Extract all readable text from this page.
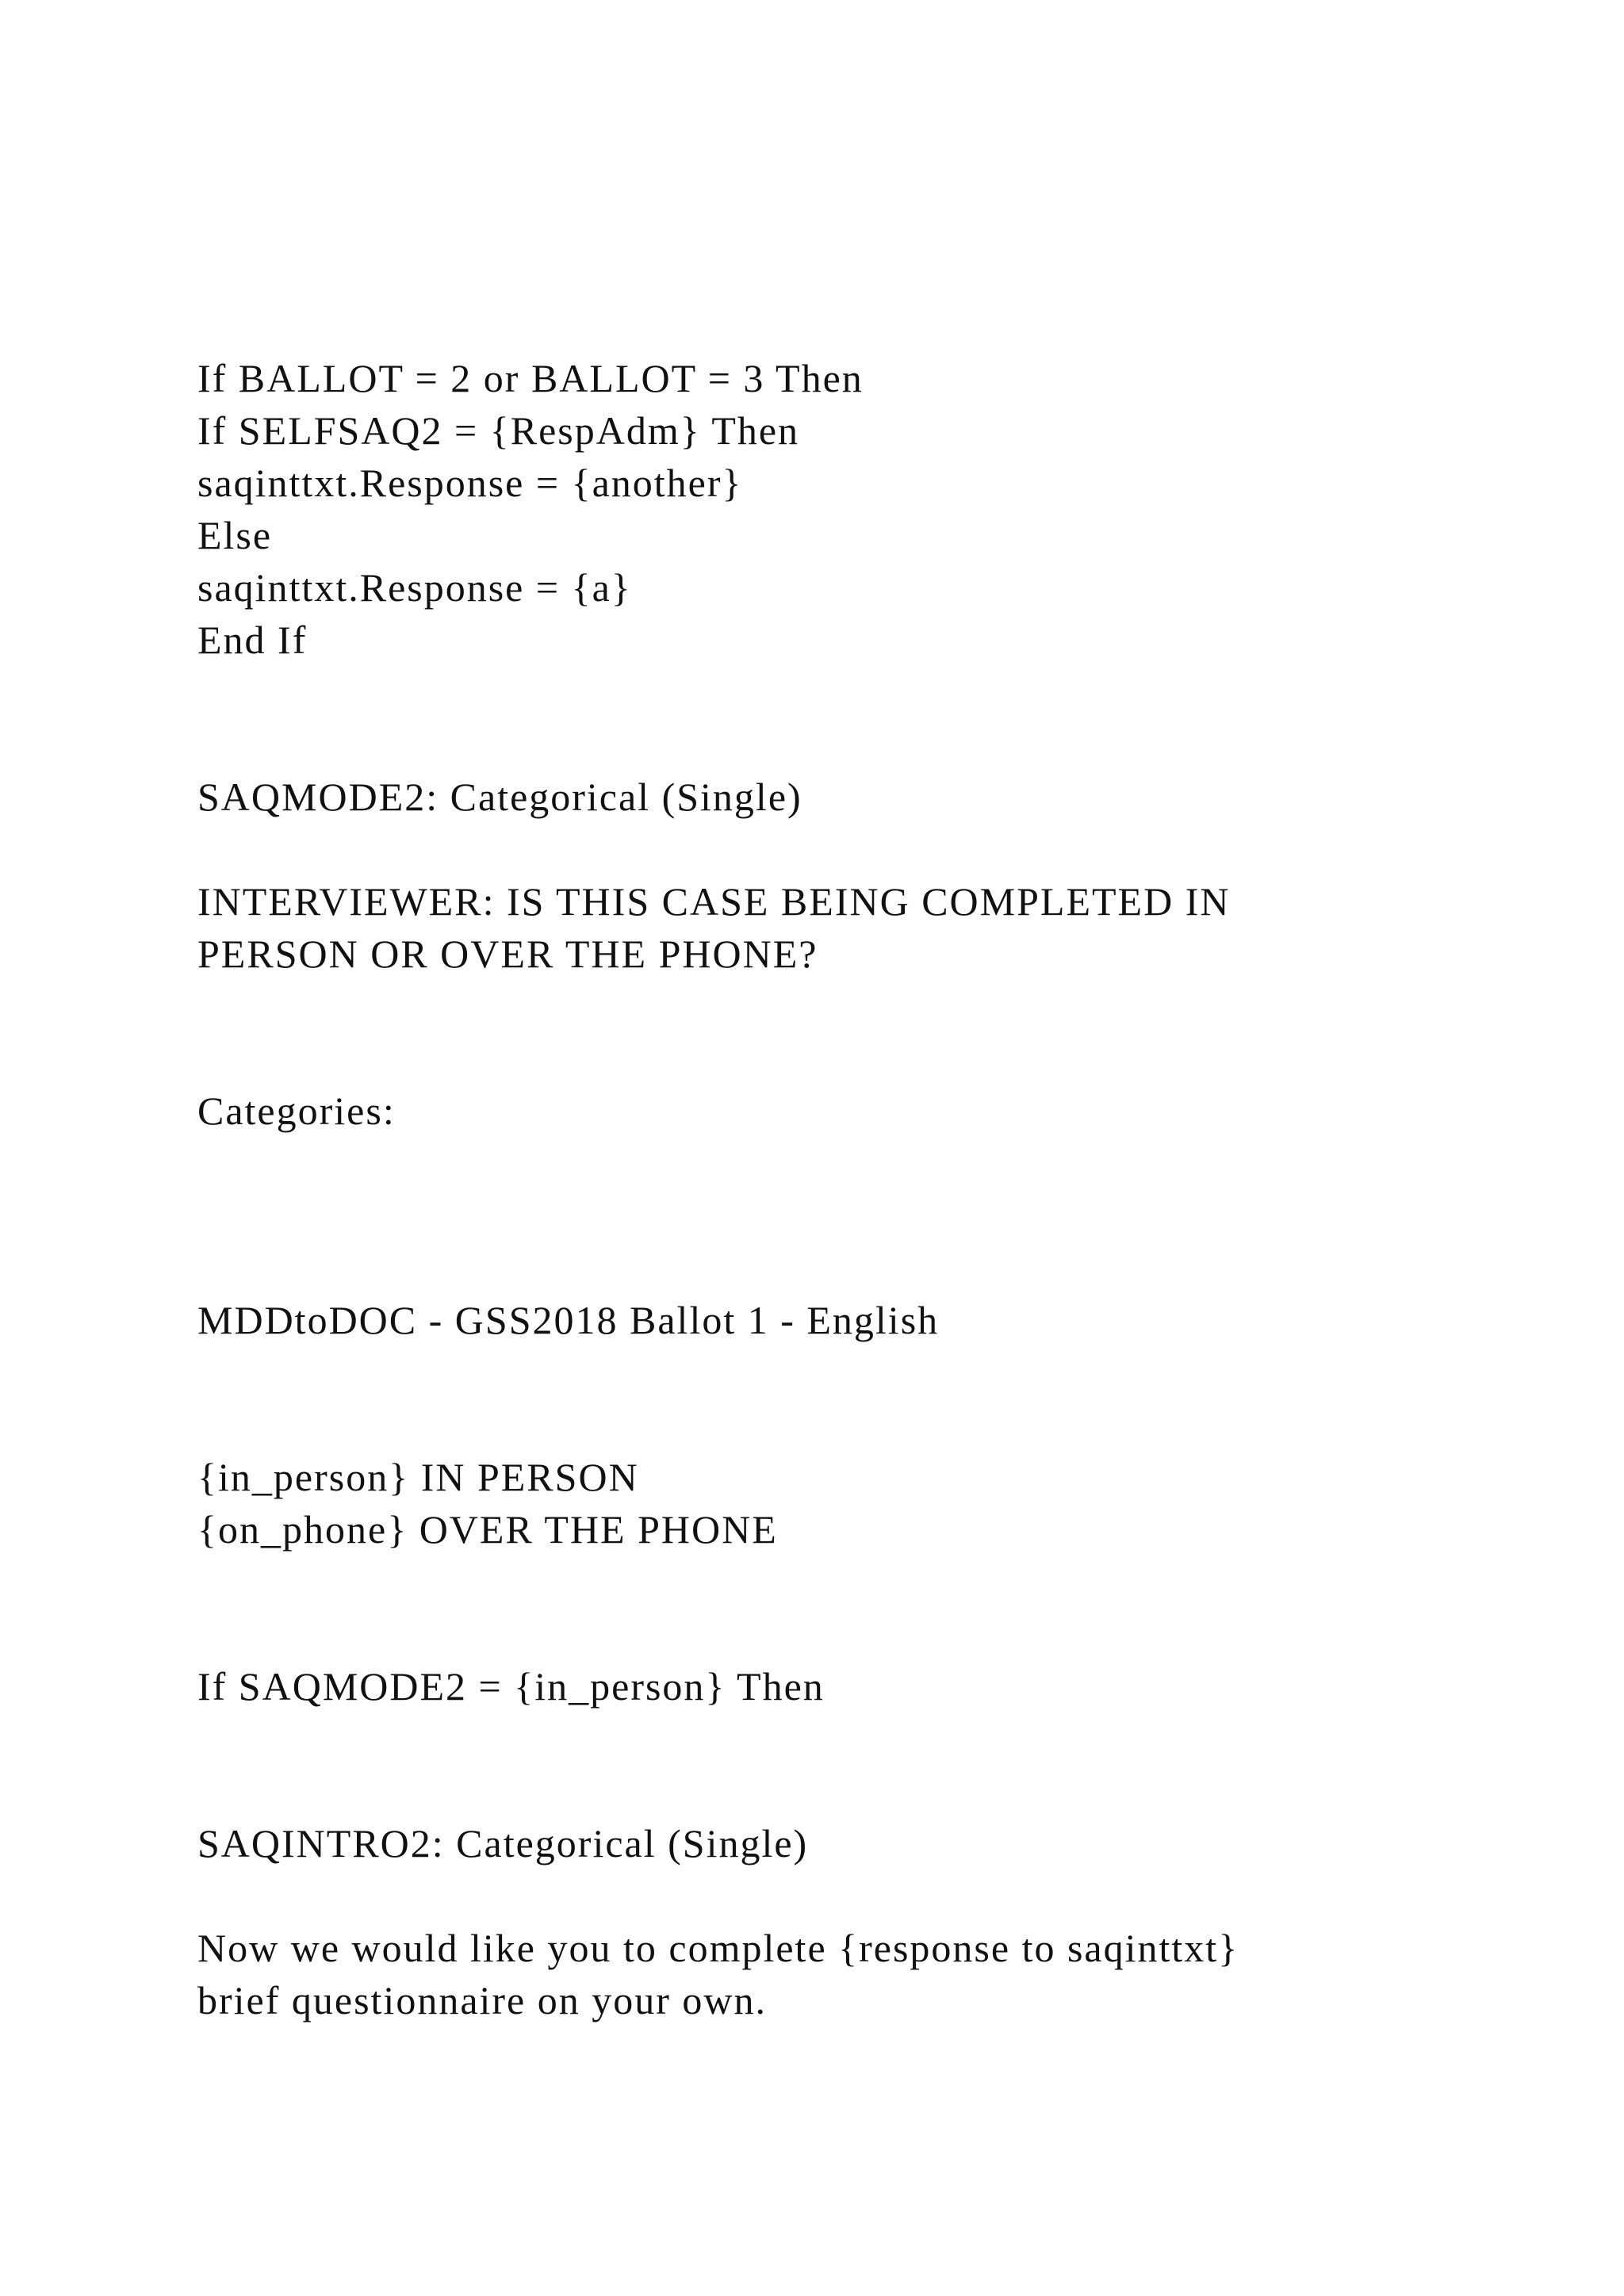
If BALLOT = 2 or BALLOT = 3 Then

If SELFSAQ2 = {RespAdm} Then

saqinttxt.Response = {another}

Else

saqinttxt.Response = {a}

End If

SAQMODE2: Categorical (Single)

INTERVIEWER: IS THIS CASE BEING COMPLETED IN

PERSON OR OVER THE PHONE?

Categories:

MDDtoDOC - GSS2018 Ballot 1 - English

{in_person} IN PERSON

{on_phone} OVER THE PHONE

If SAQMODE2 = {in_person} Then

SAQINTRO2: Categorical (Single)

Now we would like you to complete {response to saqinttxt}

brief questionnaire on your own.
